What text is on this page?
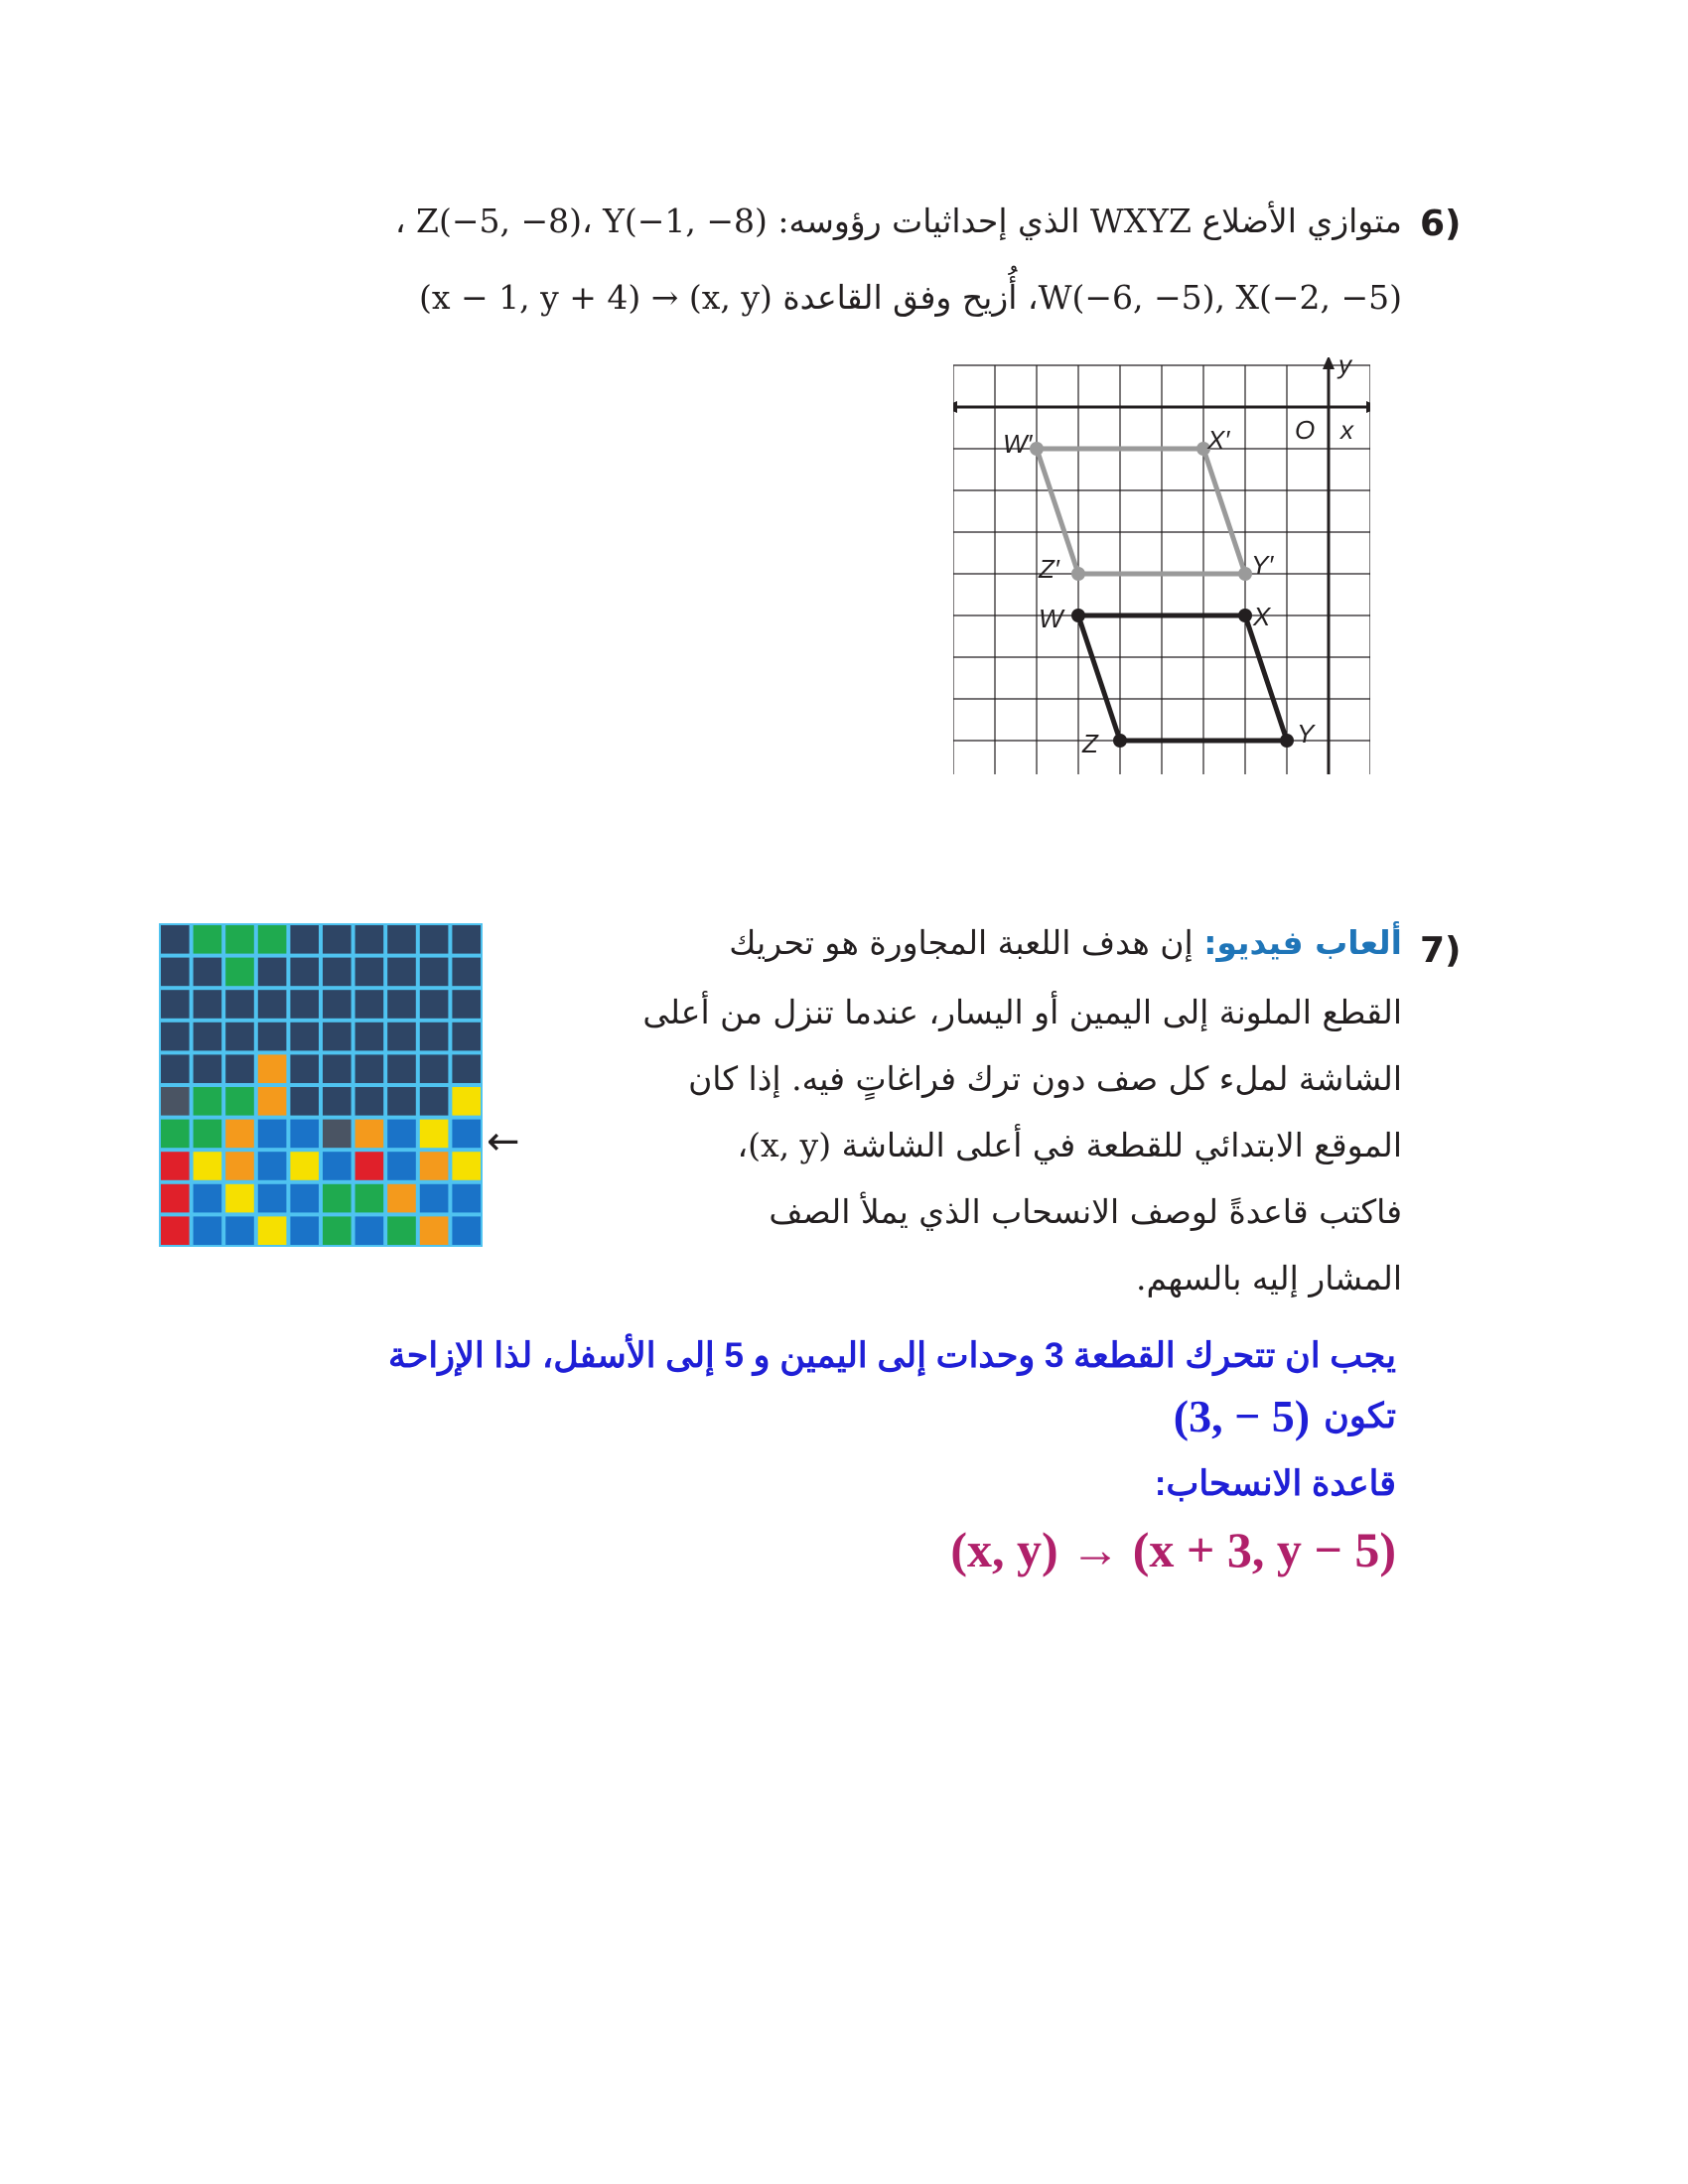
6)
متوازي الأضلاع WXYZ الذي إحداثيات رؤوسه: Z(−5, −8)، Y(−1, −8) ،
W(−6, −5), X(−2, −5)، أُزيح وفق القاعدة (x, y) → (x − 1, y + 4)
y
x
O
W′	X′
Y′
Z′
W	X
Y
Z
7)
ألعاب فيديو: إن هدف اللعبة المجاورة هو تحريك
القطع الملونة إلى اليمين أو اليسار، عندما تنزل من أعلى
الشاشة لملء كل صف دون ترك فراغاتٍ فيه. إذا كان
الموقع الابتدائي للقطعة في أعلى الشاشة (x, y)،
فاكتب قاعدةً لوصف الانسحاب الذي يملأ الصف
المشار إليه بالسهم.
←
يجب ان تتحرك القطعة 3 وحدات إلى اليمين و 5 إلى الأسفل، لذا الإزاحة
تكون
(3, − 5)
قاعدة الانسحاب:
(x, y) → (x + 3, y − 5)
